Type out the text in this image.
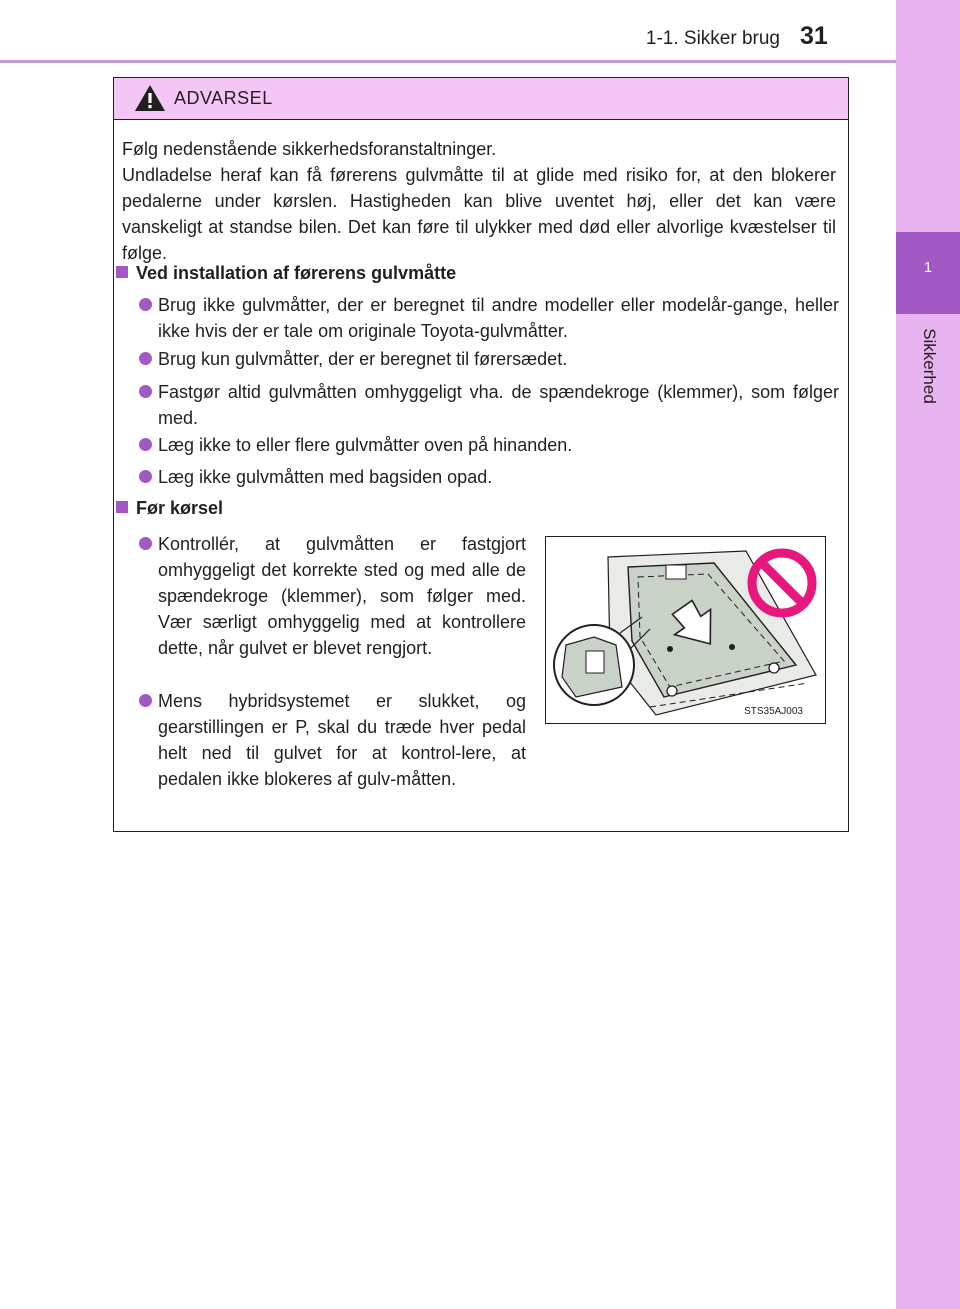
1-1. Sikker brug 31
1
Sikkerhed
ADVARSEL

Følg nedenstående sikkerhedsforanstaltninger.

Undladelse heraf kan få førerens gulvmåtte til at glide med risiko for, at den blokerer pedalerne under kørslen. Hastigheden kan blive uventet høj, eller det kan være vanskeligt at standse bilen. Det kan føre til ulykker med død eller alvorlige kvæstelser til følge.

Ved installation af førerens gulvmåtte
Brug ikke gulvmåtter, der er beregnet til andre modeller eller modelår-gange, heller ikke hvis der er tale om originale Toyota-gulvmåtter.
Brug kun gulvmåtter, der er beregnet til førersædet.
Fastgør altid gulvmåtten omhyggeligt vha. de spændekroge (klemmer), som følger med.
Læg ikke to eller flere gulvmåtter oven på hinanden.
Læg ikke gulvmåtten med bagsiden opad.
Før kørsel
Kontrollér, at gulvmåtten er fastgjort omhyggeligt det korrekte sted og med alle de spændekroge (klemmer), som følger med. Vær særligt omhyggelig med at kontrollere dette, når gulvet er blevet rengjort.
Mens hybridsystemet er slukket, og gearstillingen er P, skal du træde hver pedal helt ned til gulvet for at kontrol-lere, at pedalen ikke blokeres af gulv-måtten.
STS35AJ003
